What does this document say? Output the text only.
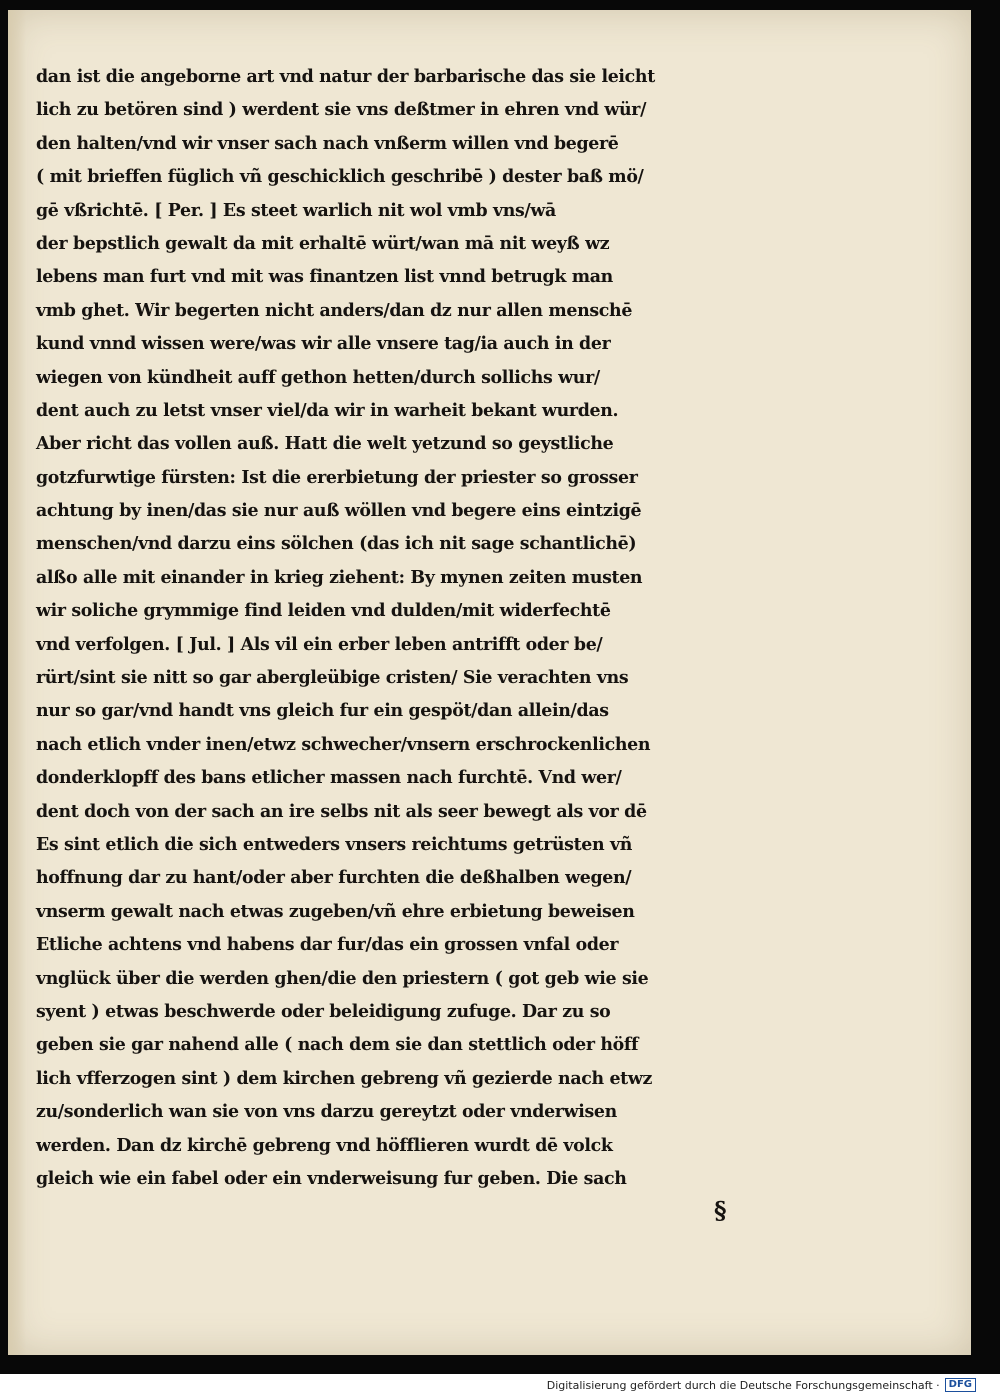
dan ist die angeborne art vnd natur der barbarische das sie leicht
lich zu betören sind ) werdent sie vns deßtmer in ehren vnd wür/
den halten/vnd wir vnser sach nach vnßerm willen vnd begerē
( mit brieffen füglich vñ geschicklich geschribē ) dester baß mö/
gē vßrichtē. [ Per. ] Es steet warlich nit wol vmb vns/wā
der bepstlich gewalt da mit erhaltē würt/wan mā nit weyß wz
lebens man furt vnd mit was finantzen list vnnd betrugk man
vmb ghet. Wir begerten nicht anders/dan dz nur allen menschē
kund vnnd wissen were/was wir alle vnsere tag/ia auch in der
wiegen von kündheit auff gethon hetten/durch sollichs wur/
dent auch zu letst vnser viel/da wir in warheit bekant wurden.
Aber richt das vollen auß. Hatt die welt yetzund so geystliche
gotzfurwtige fürsten: Ist die ererbietung der priester so grosser
achtung by inen/das sie nur auß wöllen vnd begere eins eintzigē
menschen/vnd darzu eins sölchen (das ich nit sage schantlichē)
alßo alle mit einander in krieg ziehent: By mynen zeiten musten
wir soliche grymmige find leiden vnd dulden/mit widerfechtē
vnd verfolgen. [ Jul. ] Als vil ein erber leben antrifft oder be/
rürt/sint sie nitt so gar abergleübige cristen/ Sie verachten vns
nur so gar/vnd handt vns gleich fur ein gespöt/dan allein/das
nach etlich vnder inen/etwz schwecher/vnsern erschrockenlichen
donderklopff des bans etlicher massen nach furchtē. Vnd wer/
dent doch von der sach an ire selbs nit als seer bewegt als vor dē
Es sint etlich die sich entweders vnsers reichtums getrüsten vñ
hoffnung dar zu hant/oder aber furchten die deßhalben wegen/
vnserm gewalt nach etwas zugeben/vñ ehre erbietung beweisen
Etliche achtens vnd habens dar fur/das ein grossen vnfal oder
vnglück über die werden ghen/die den priestern ( got geb wie sie
syent ) etwas beschwerde oder beleidigung zufuge. Dar zu so
geben sie gar nahend alle ( nach dem sie dan stettlich oder höff
lich vfferzogen sint ) dem kirchen gebreng vñ gezierde nach etwz
zu/sonderlich wan sie von vns darzu gereytzt oder vnderwisen
werden. Dan dz kirchē gebreng vnd höfflieren wurdt dē volck
gleich wie ein fabel oder ein vnderweisung fur geben. Die sach
§
Digitalisierung gefördert durch die Deutsche Forschungsgemeinschaft · DFG
